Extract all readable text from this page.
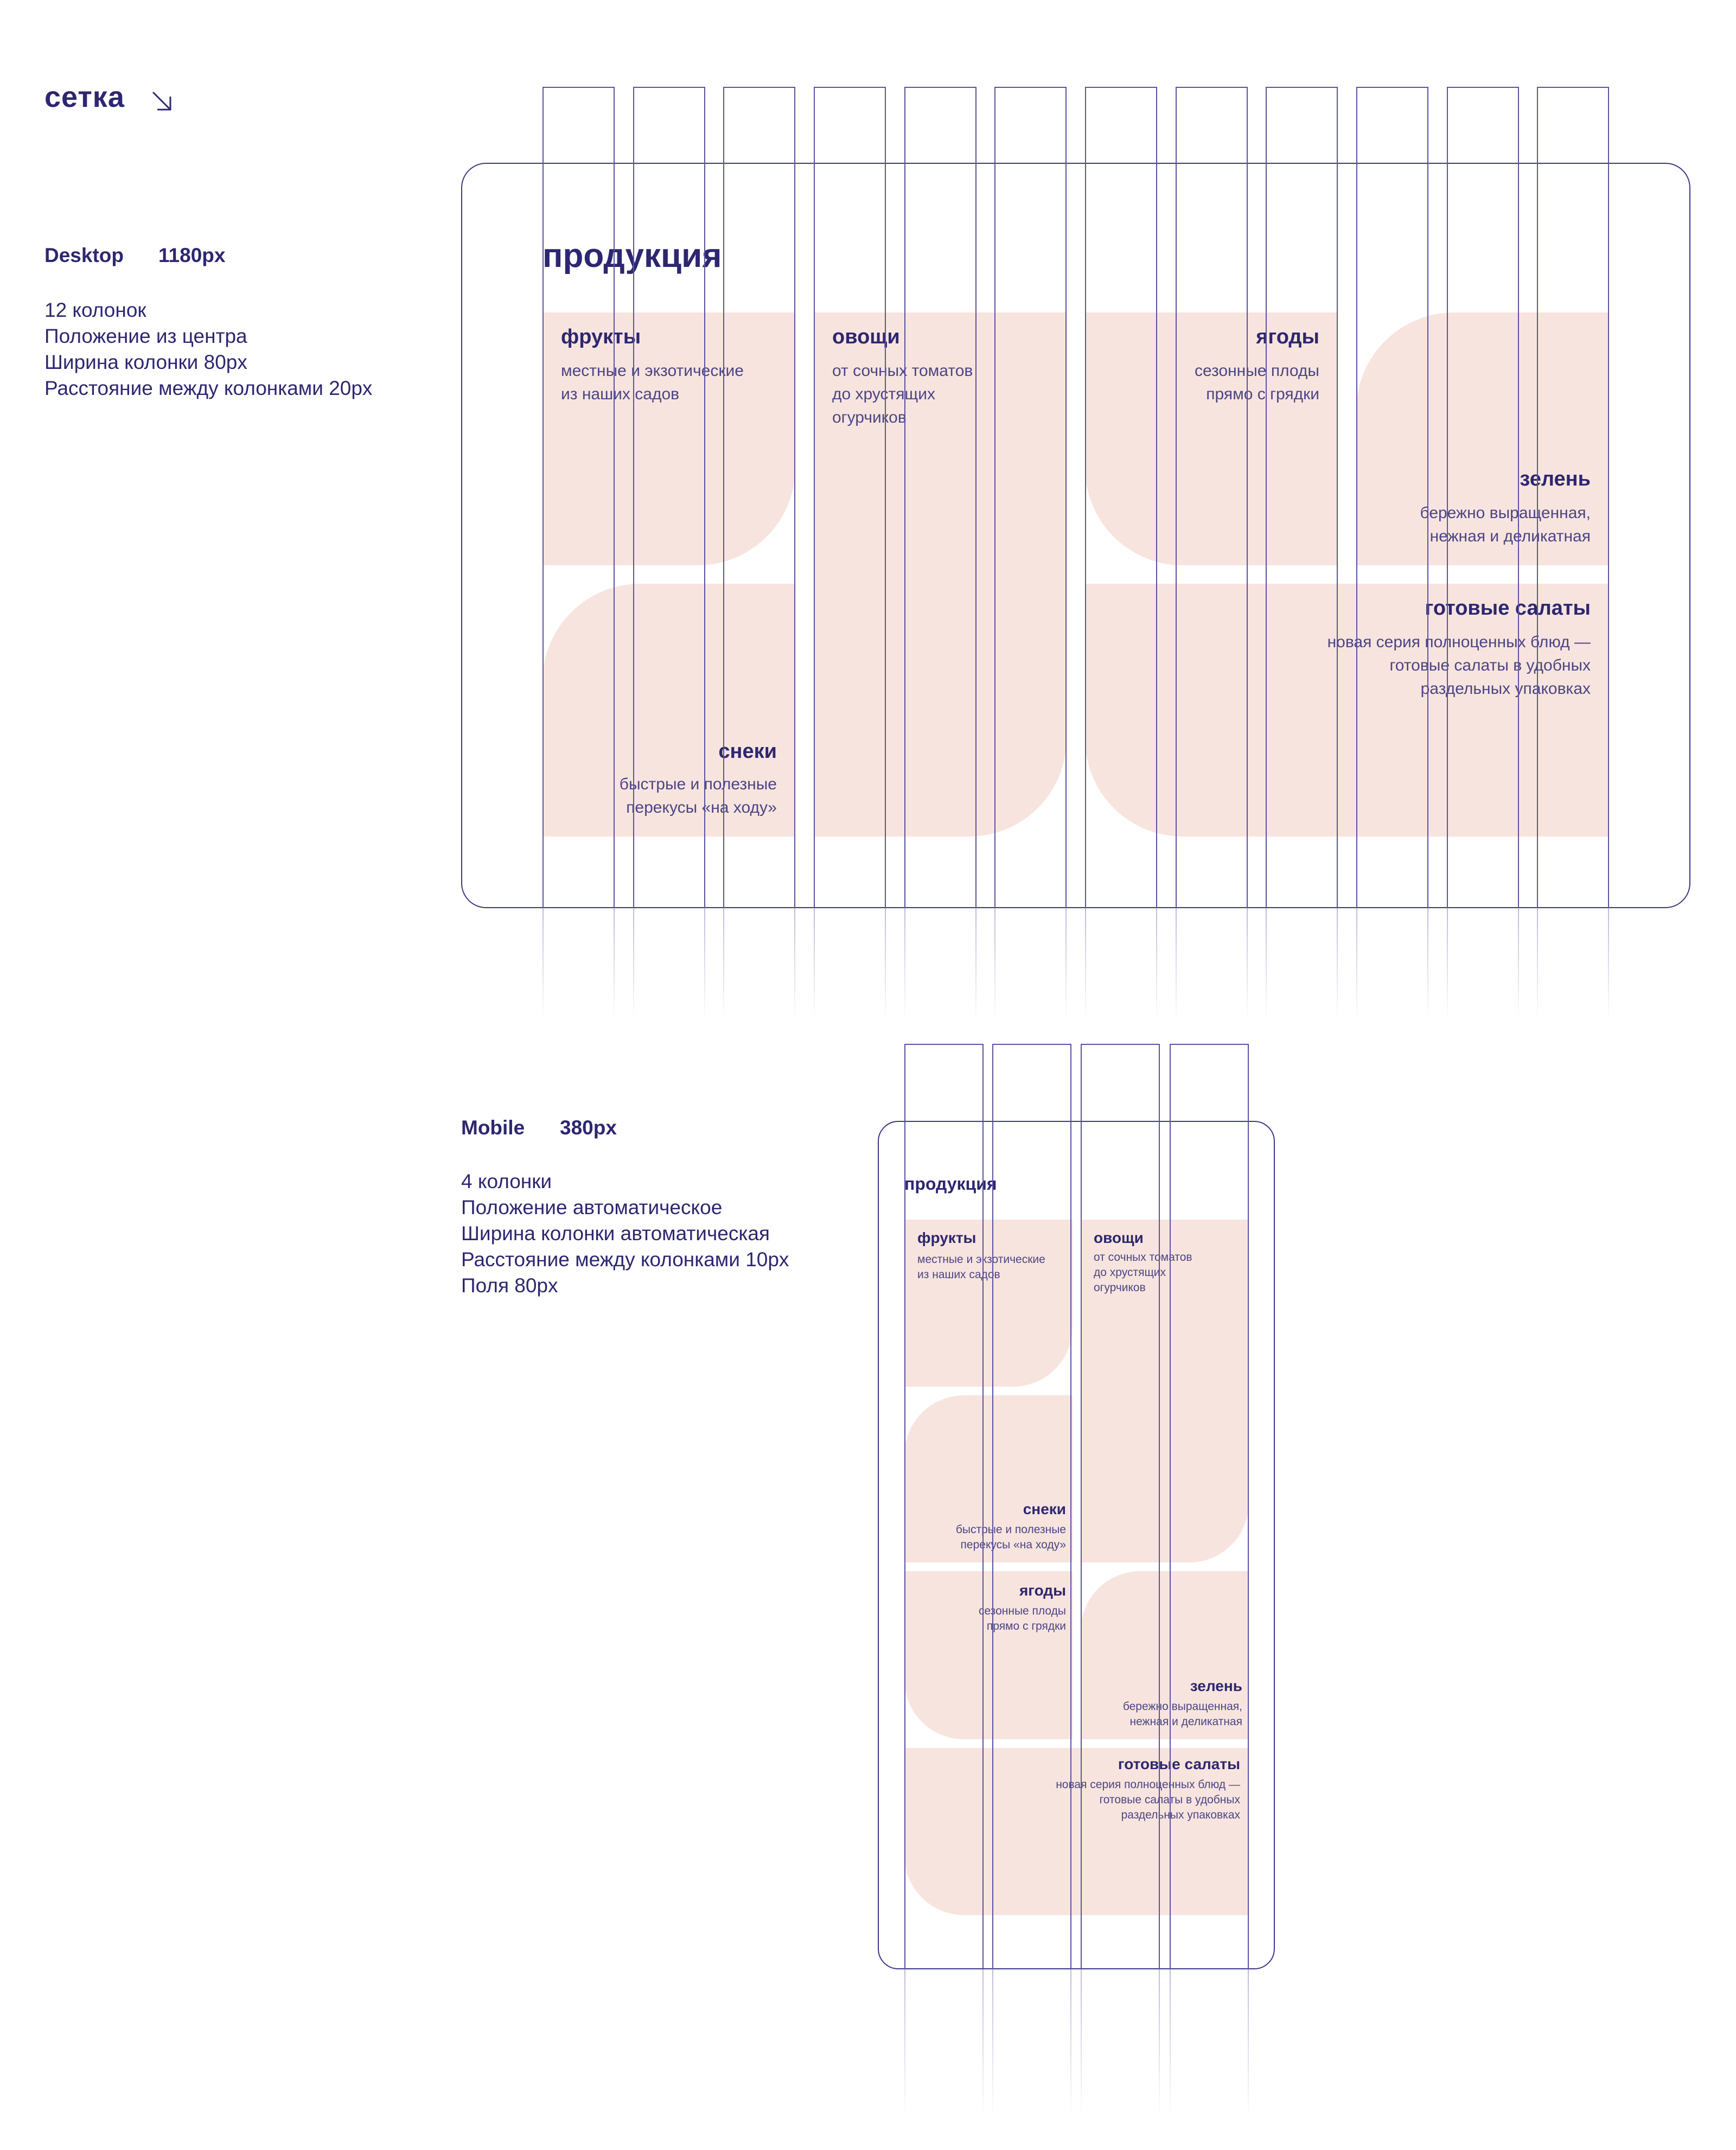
сетка
Desktop 1180px
12 колонок
Положение из центра
Ширина колонки 80px
Расстояние между колонками 20px
продукция
фрукты
местные и экзотические
из наших садов
снеки
быстрые и полезные
перекусы «на ходу»
овощи
от сочных томатов
до хрустящих
огурчиков
ягоды
сезонные плоды
прямо с грядки
зелень
бережно выращенная,
нежная и деликатная
готовые салаты
новая серия полноценных блюд —
готовые салаты в удобных
раздельных упаковках
Mobile 380px
4 колонки
Положение автоматическое
Ширина колонки автоматическая
Расстояние между колонками 10px
Поля 80px
продукция
фрукты
местные и экзотические
из наших садов
овощи
от сочных томатов
до хрустящих
огурчиков
снеки
быстрые и полезные
перекусы «на ходу»
ягоды
сезонные плоды
прямо с грядки
зелень
бережно выращенная,
нежная и деликатная
готовые салаты
новая серия полноценных блюд —
готовые салаты в удобных
раздельных упаковках
